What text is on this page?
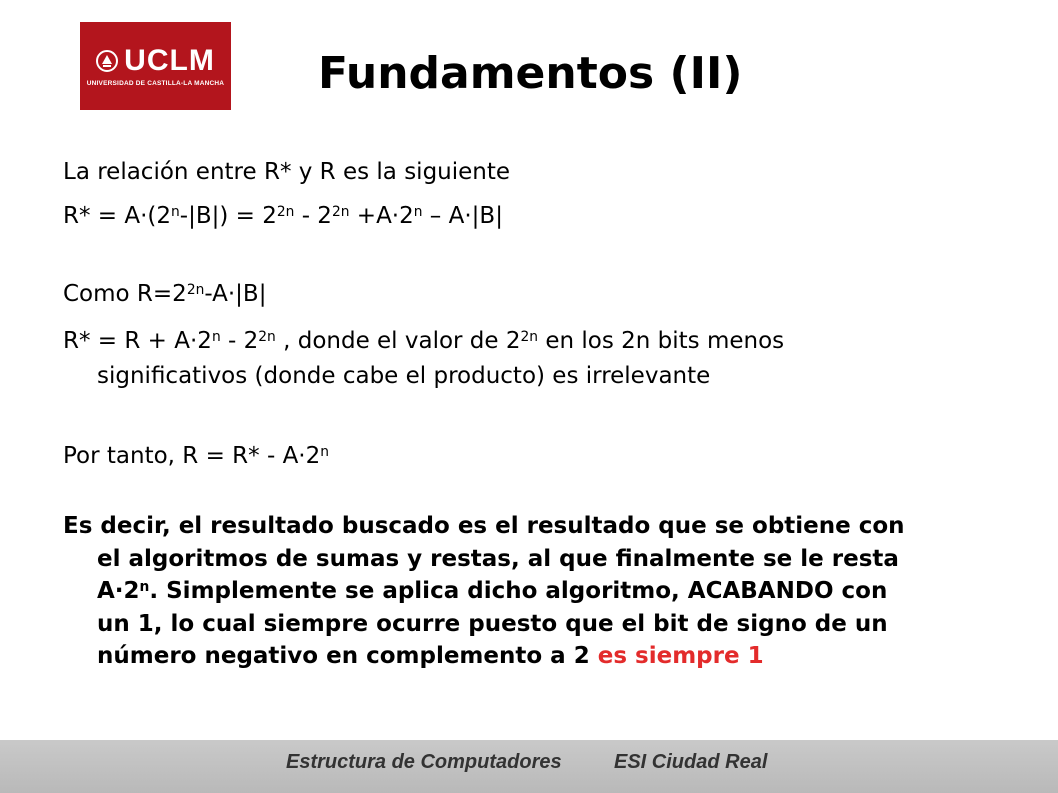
UCLM
UNIVERSIDAD DE CASTILLA-LA MANCHA Fundamentos (II)
La relación entre R* y R es la siguiente
$R* = A\cdot(2^n-|B|) = 2^{2n} - 2^{2n} +A\cdot 2^n - A\cdot|B|$
Como $R=2^{2n}-A\cdot|B|$
$R* = R + A\cdot 2^n - 2^{2n}$ , donde el valor de $2^{2n}$ en los 2n bits menos
significativos (donde cabe el producto) es irrelevante
Por tanto, $R = R* - A\cdot 2^n$
Es decir, el resultado buscado es el resultado que se obtiene con
el algoritmos de sumas y restas, al que finalmente se le resta
$A\cdot 2^n$. Simplemente se aplica dicho algoritmo, ACABANDO con
un 1, lo cual siempre ocurre puesto que el bit de signo de un
número negativo en complemento a 2 es siempre 1
Estructura de Computadores	ESI Ciudad Real
